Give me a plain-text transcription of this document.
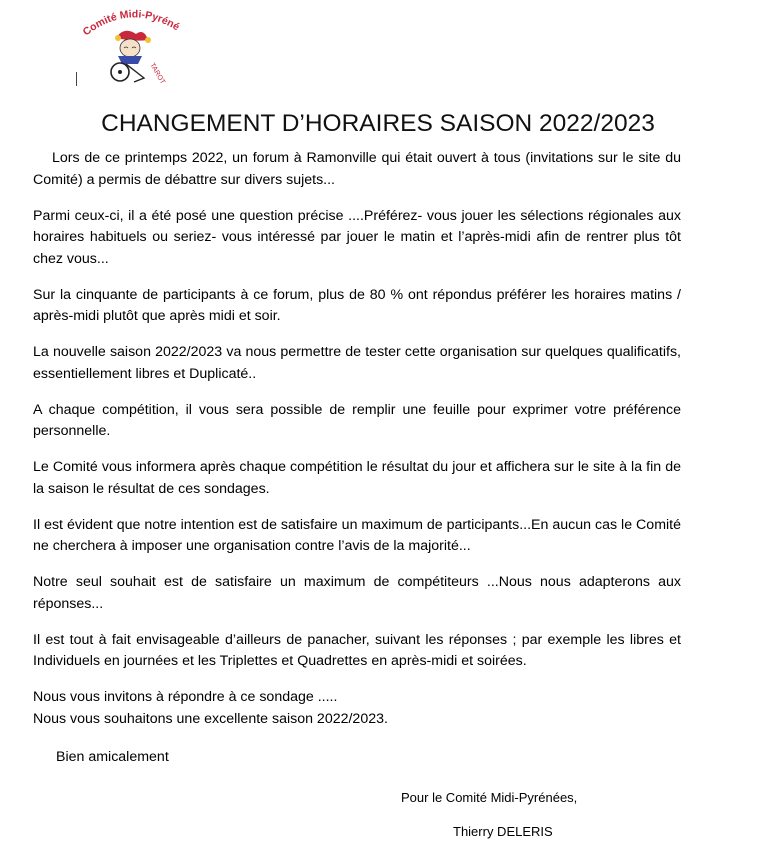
Comité Midi-Pyréné
TAROT
CHANGEMENT D’HORAIRES SAISON 2022/2023

Lors de ce printemps 2022, un forum à Ramonville qui était ouvert à tous (invitations sur le site du Comité) a permis de débattre sur divers sujets...

Parmi ceux-ci, il a été posé une question précise ....Préférez- vous jouer les sélections régionales aux horaires habituels ou seriez- vous intéressé par jouer le matin et l’après-midi afin de rentrer plus tôt chez vous...

Sur la cinquante de participants à ce forum, plus de 80 % ont répondus préférer les horaires matins / après-midi plutôt que après midi et soir.

La nouvelle saison 2022/2023 va nous permettre de tester cette organisation sur quelques qualificatifs, essentiellement libres et Duplicaté..

A chaque compétition, il vous sera possible de remplir une feuille pour exprimer votre préférence personnelle.

Le Comité vous informera après chaque compétition le résultat du jour et affichera sur le site à la fin de la saison le résultat de ces sondages.

Il est évident que notre intention est de satisfaire un maximum de participants...En aucun cas le Comité ne cherchera à imposer une organisation contre l’avis de la majorité...

Notre seul souhait est de satisfaire un maximum de compétiteurs ...Nous nous adapterons aux réponses...

Il est tout à fait envisageable d’ailleurs de panacher, suivant les réponses ; par exemple les libres et Individuels en journées et les Triplettes et Quadrettes en après-midi et soirées.

Nous vous invitons à répondre à ce sondage .....

Nous vous souhaitons une excellente saison 2022/2023.

Bien amicalement
Pour le Comité Midi-Pyrénées,
Thierry DELERIS
